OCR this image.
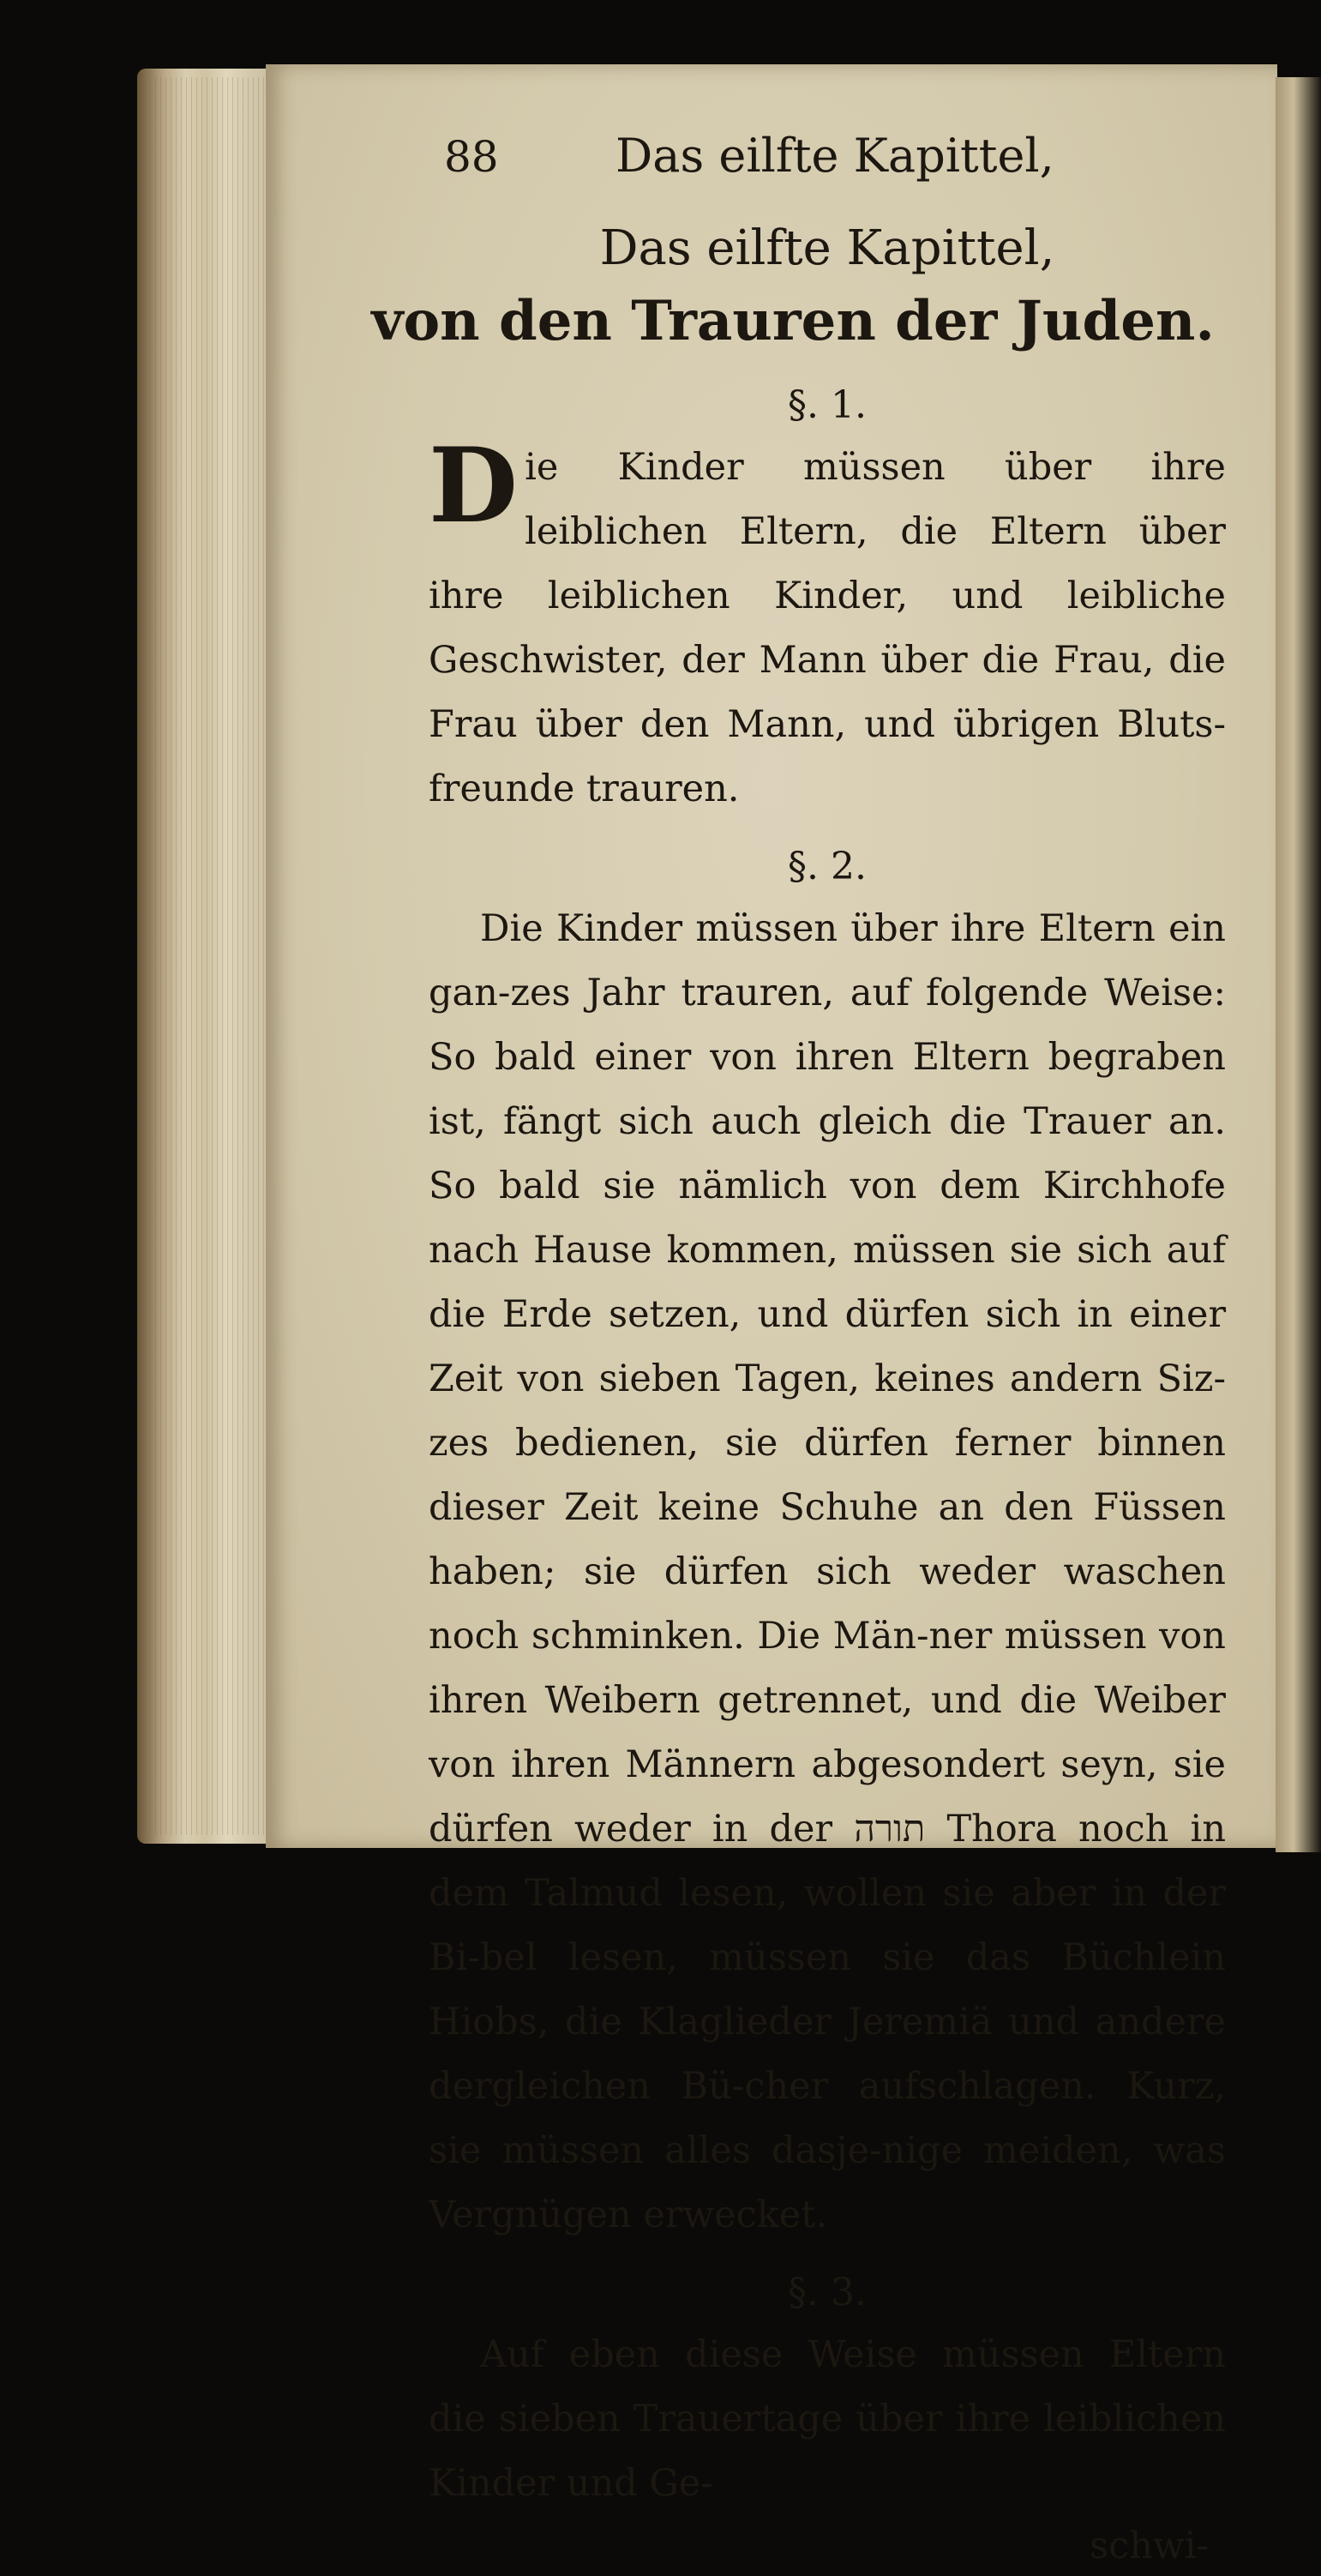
88	Das eilfte Kapittel,
Das eilfte Kapittel,
von den Trauren der Juden.
§. 1.

Die Kinder müssen über ihre leiblichen Eltern, die Eltern über ihre leiblichen Kinder, und leibliche Geschwister, der Mann über die Frau, die Frau über den Mann, und übrigen Bluts-freunde trauren.

§. 2.

Die Kinder müssen über ihre Eltern ein gan-zes Jahr trauren, auf folgende Weise: So bald einer von ihren Eltern begraben ist, fängt sich auch gleich die Trauer an. So bald sie nämlich von dem Kirchhofe nach Hause kommen, müssen sie sich auf die Erde setzen, und dürfen sich in einer Zeit von sieben Tagen, keines andern Siz-zes bedienen, sie dürfen ferner binnen dieser Zeit keine Schuhe an den Füssen haben; sie dürfen sich weder waschen noch schminken. Die Män-ner müssen von ihren Weibern getrennet, und die Weiber von ihren Männern abgesondert seyn, sie dürfen weder in der תורה Thora noch in dem Talmud lesen, wollen sie aber in der Bi-bel lesen, müssen sie das Büchlein Hiobs, die Klaglieder Jeremiä und andere dergleichen Bü-cher aufschlagen. Kurz, sie müssen alles dasje-nige meiden, was Vergnügen erwecket.

§. 3.

Auf eben diese Weise müssen Eltern die sieben Trauertage über ihre leiblichen Kinder und Ge-

schwi-
